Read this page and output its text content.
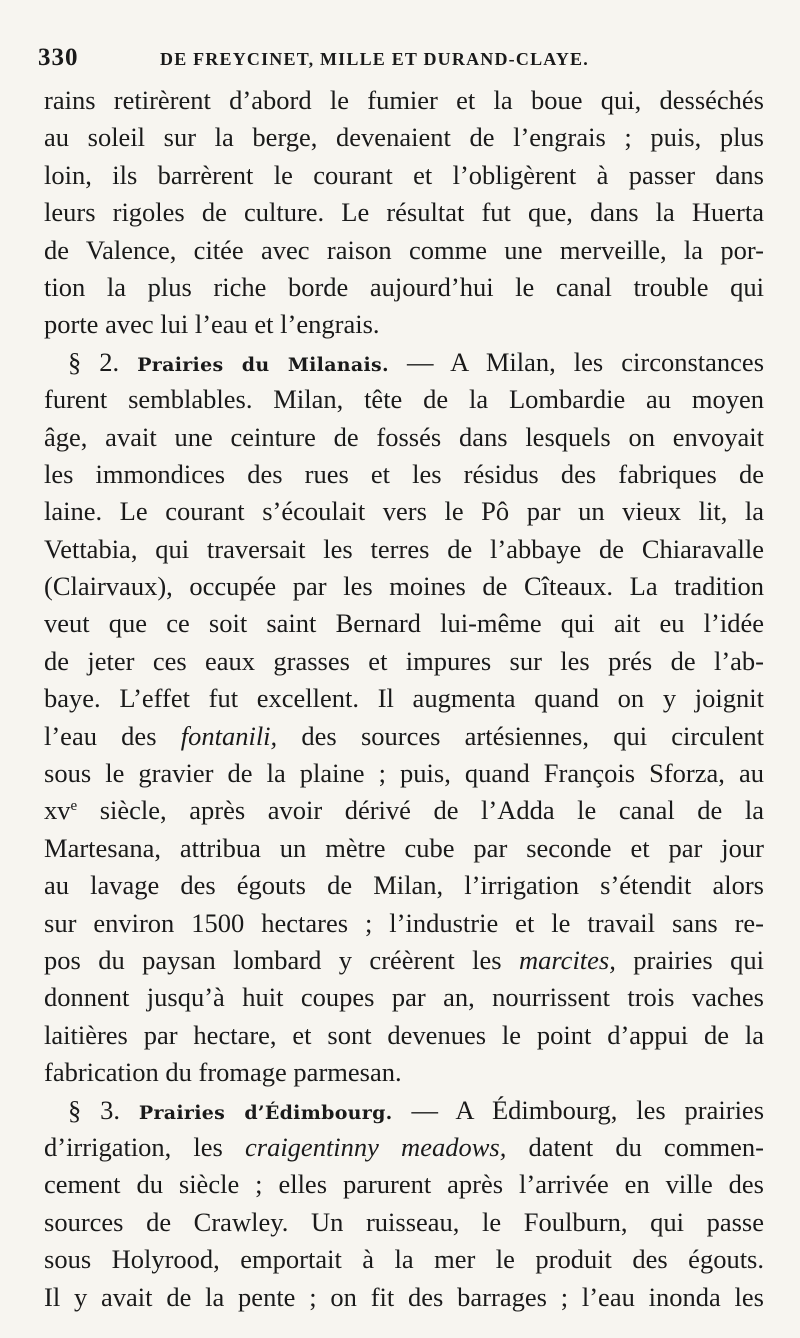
330	DE FREYCINET, MILLE ET DURAND-CLAYE.
rains retirèrent d’abord le fumier et la boue qui, desséchés
au soleil sur la berge, devenaient de l’engrais ; puis, plus
loin, ils barrèrent le courant et l’obligèrent à passer dans
leurs rigoles de culture. Le résultat fut que, dans la Huerta
de Valence, citée avec raison comme une merveille, la por-
tion la plus riche borde aujourd’hui le canal trouble qui
porte avec lui l’eau et l’engrais.
§ 2. Prairies du Milanais. — A Milan, les circonstances
furent semblables. Milan, tête de la Lombardie au moyen
âge, avait une ceinture de fossés dans lesquels on envoyait
les immondices des rues et les résidus des fabriques de
laine. Le courant s’écoulait vers le Pô par un vieux lit, la
Vettabia, qui traversait les terres de l’abbaye de Chiaravalle
(Clairvaux), occupée par les moines de Cîteaux. La tradition
veut que ce soit saint Bernard lui-même qui ait eu l’idée
de jeter ces eaux grasses et impures sur les prés de l’ab-
baye. L’effet fut excellent. Il augmenta quand on y joignit
l’eau des fontanili, des sources artésiennes, qui circulent
sous le gravier de la plaine ; puis, quand François Sforza, au
$xv^e$ siècle, après avoir dérivé de l’Adda le canal de la
Martesana, attribua un mètre cube par seconde et par jour
au lavage des égouts de Milan, l’irrigation s’étendit alors
sur environ 1500 hectares ; l’industrie et le travail sans re-
pos du paysan lombard y créèrent les marcites, prairies qui
donnent jusqu’à huit coupes par an, nourrissent trois vaches
laitières par hectare, et sont devenues le point d’appui de la
fabrication du fromage parmesan.
§ 3. Prairies d’Édimbourg. — A Édimbourg, les prairies
d’irrigation, les craigentinny meadows, datent du commen-
cement du siècle ; elles parurent après l’arrivée en ville des
sources de Crawley. Un ruisseau, le Foulburn, qui passe
sous Holyrood, emportait à la mer le produit des égouts.
Il y avait de la pente ; on fit des barrages ; l’eau inonda les
